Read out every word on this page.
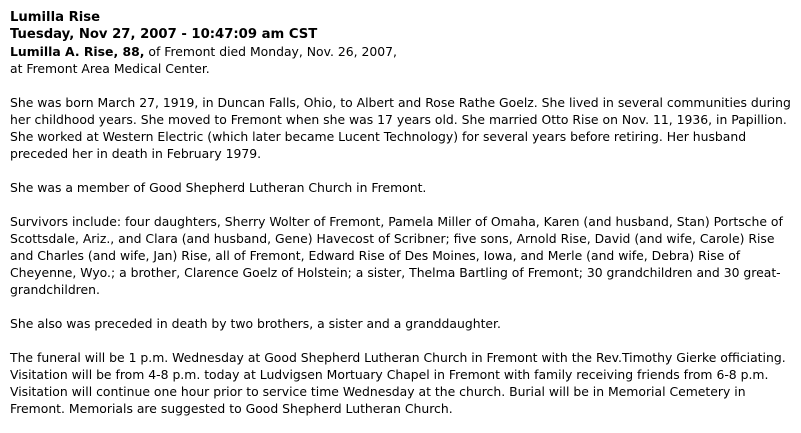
Lumilla Rise
Tuesday, Nov 27, 2007 - 10:47:09 am CST

Lumilla A. Rise, 88, of Fremont died Monday, Nov. 26, 2007,
at Fremont Area Medical Center.

She was born March 27, 1919, in Duncan Falls, Ohio, to Albert and Rose Rathe Goelz. She lived in several communities during her childhood years. She moved to Fremont when she was 17 years old. She married Otto Rise on Nov. 11, 1936, in Papillion. She worked at Western Electric (which later became Lucent Technology) for several years before retiring. Her husband preceded her in death in February 1979.

She was a member of Good Shepherd Lutheran Church in Fremont.

Survivors include: four daughters, Sherry Wolter of Fremont, Pamela Miller of Omaha, Karen (and husband, Stan) Portsche of Scottsdale, Ariz., and Clara (and husband, Gene) Havecost of Scribner; five sons, Arnold Rise, David (and wife, Carole) Rise and Charles (and wife, Jan) Rise, all of Fremont, Edward Rise of Des Moines, Iowa, and Merle (and wife, Debra) Rise of Cheyenne, Wyo.; a brother, Clarence Goelz of Holstein; a sister, Thelma Bartling of Fremont; 30 grandchildren and 30 great-grandchildren.

She also was preceded in death by two brothers, a sister and a granddaughter.

The funeral will be 1 p.m. Wednesday at Good Shepherd Lutheran Church in Fremont with the Rev.Timothy Gierke officiating. Visitation will be from 4-8 p.m. today at Ludvigsen Mortuary Chapel in Fremont with family receiving friends from 6-8 p.m. Visitation will continue one hour prior to service time Wednesday at the church. Burial will be in Memorial Cemetery in Fremont. Memorials are suggested to Good Shepherd Lutheran Church.
